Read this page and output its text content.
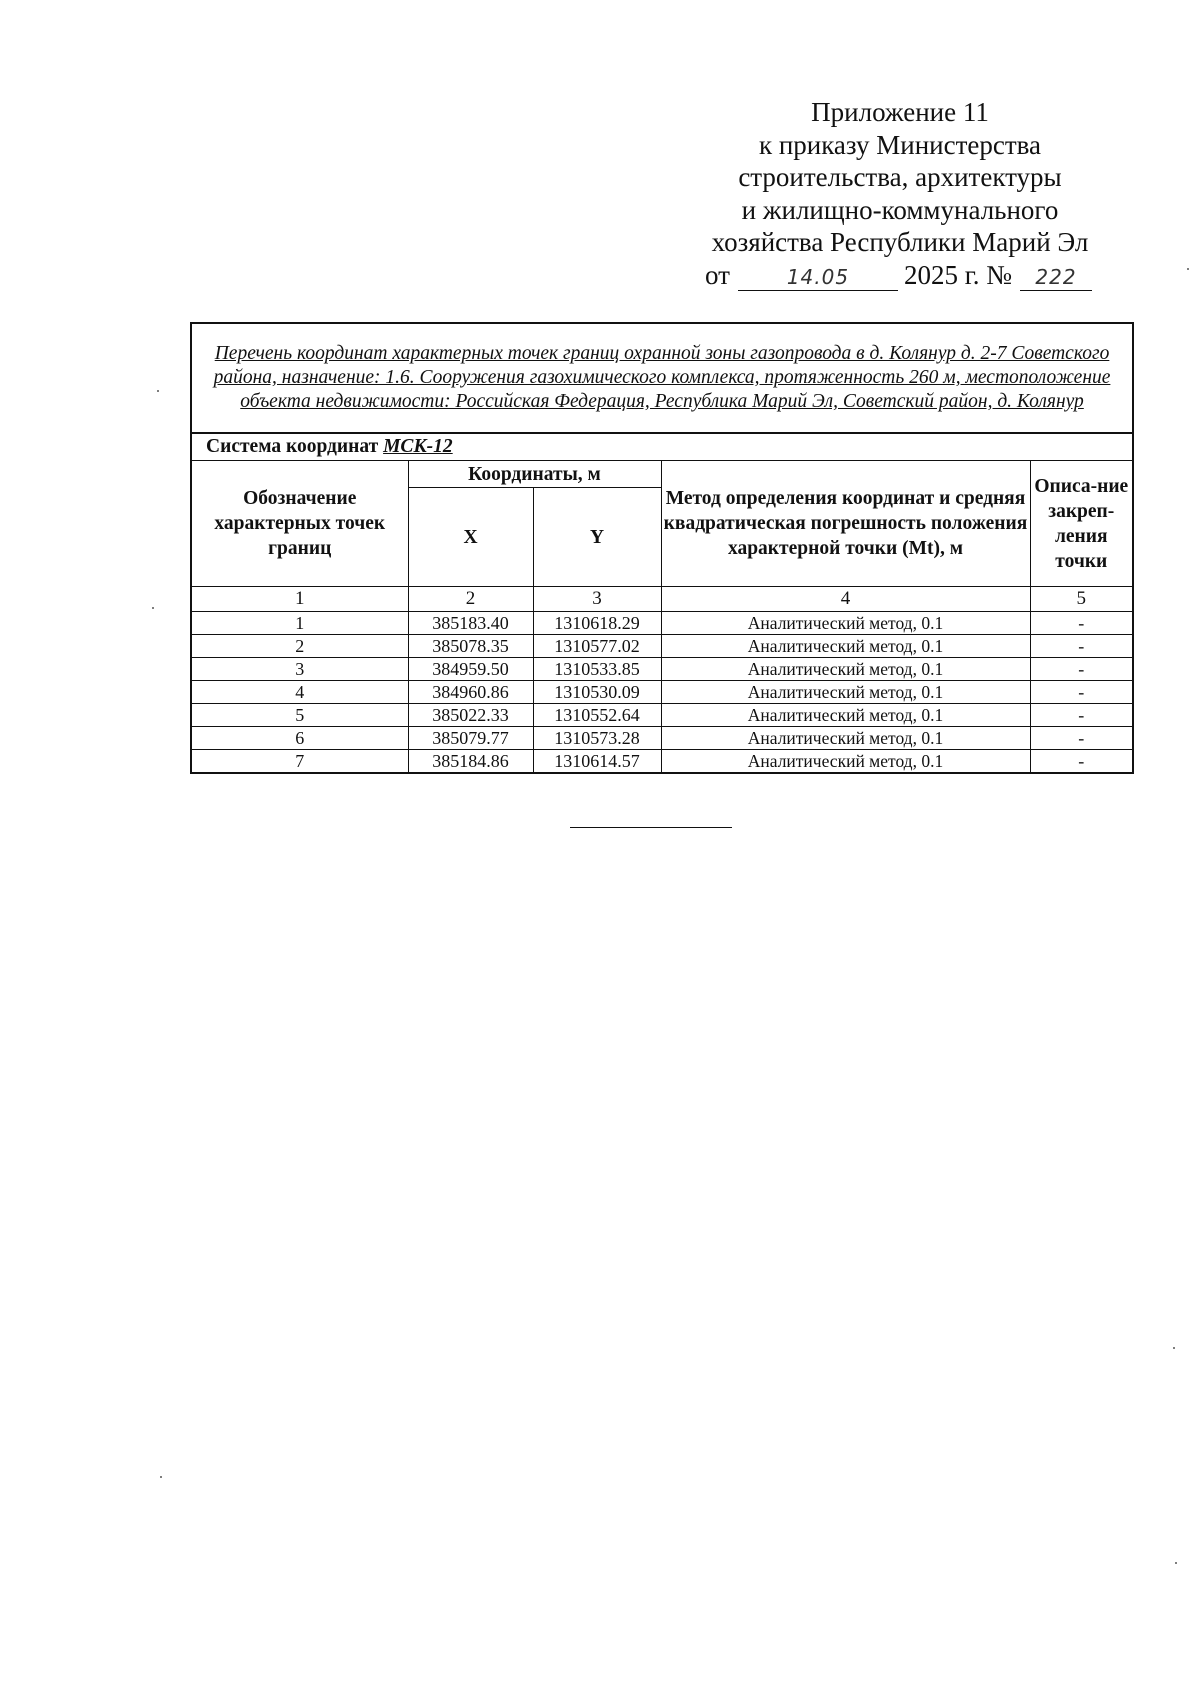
Приложение 11
к приказу Министерства
строительства, архитектуры
и жилищно-коммунального
хозяйства Республики Марий Эл
от	14.05 2025 г. № 222
Перечень координат характерных точек границ охранной зоны газопровода в д. Колянур д. 2-7 Советского района, назначение: 1.6. Сооружения газохимического комплекса, протяженность 260 м, местоположение объекта недвижимости: Российская Федерация, Республика Марий Эл, Советский район, д. Колянур				
Система координат МСК-12				
Обозначение характерных точек границ	Координаты, м		Метод определения координат и средняя квадратическая погрешность положения характерной точки (Mt), м	Описа-ние закреп-ления точки
	X	Y		
1	2	3	4	5
1	385183.40	1310618.29	Аналитический метод, 0.1	-
2	385078.35	1310577.02	Аналитический метод, 0.1	-
3	384959.50	1310533.85	Аналитический метод, 0.1	-
4	384960.86	1310530.09	Аналитический метод, 0.1	-
5	385022.33	1310552.64	Аналитический метод, 0.1	-
6	385079.77	1310573.28	Аналитический метод, 0.1	-
7	385184.86	1310614.57	Аналитический метод, 0.1	-
